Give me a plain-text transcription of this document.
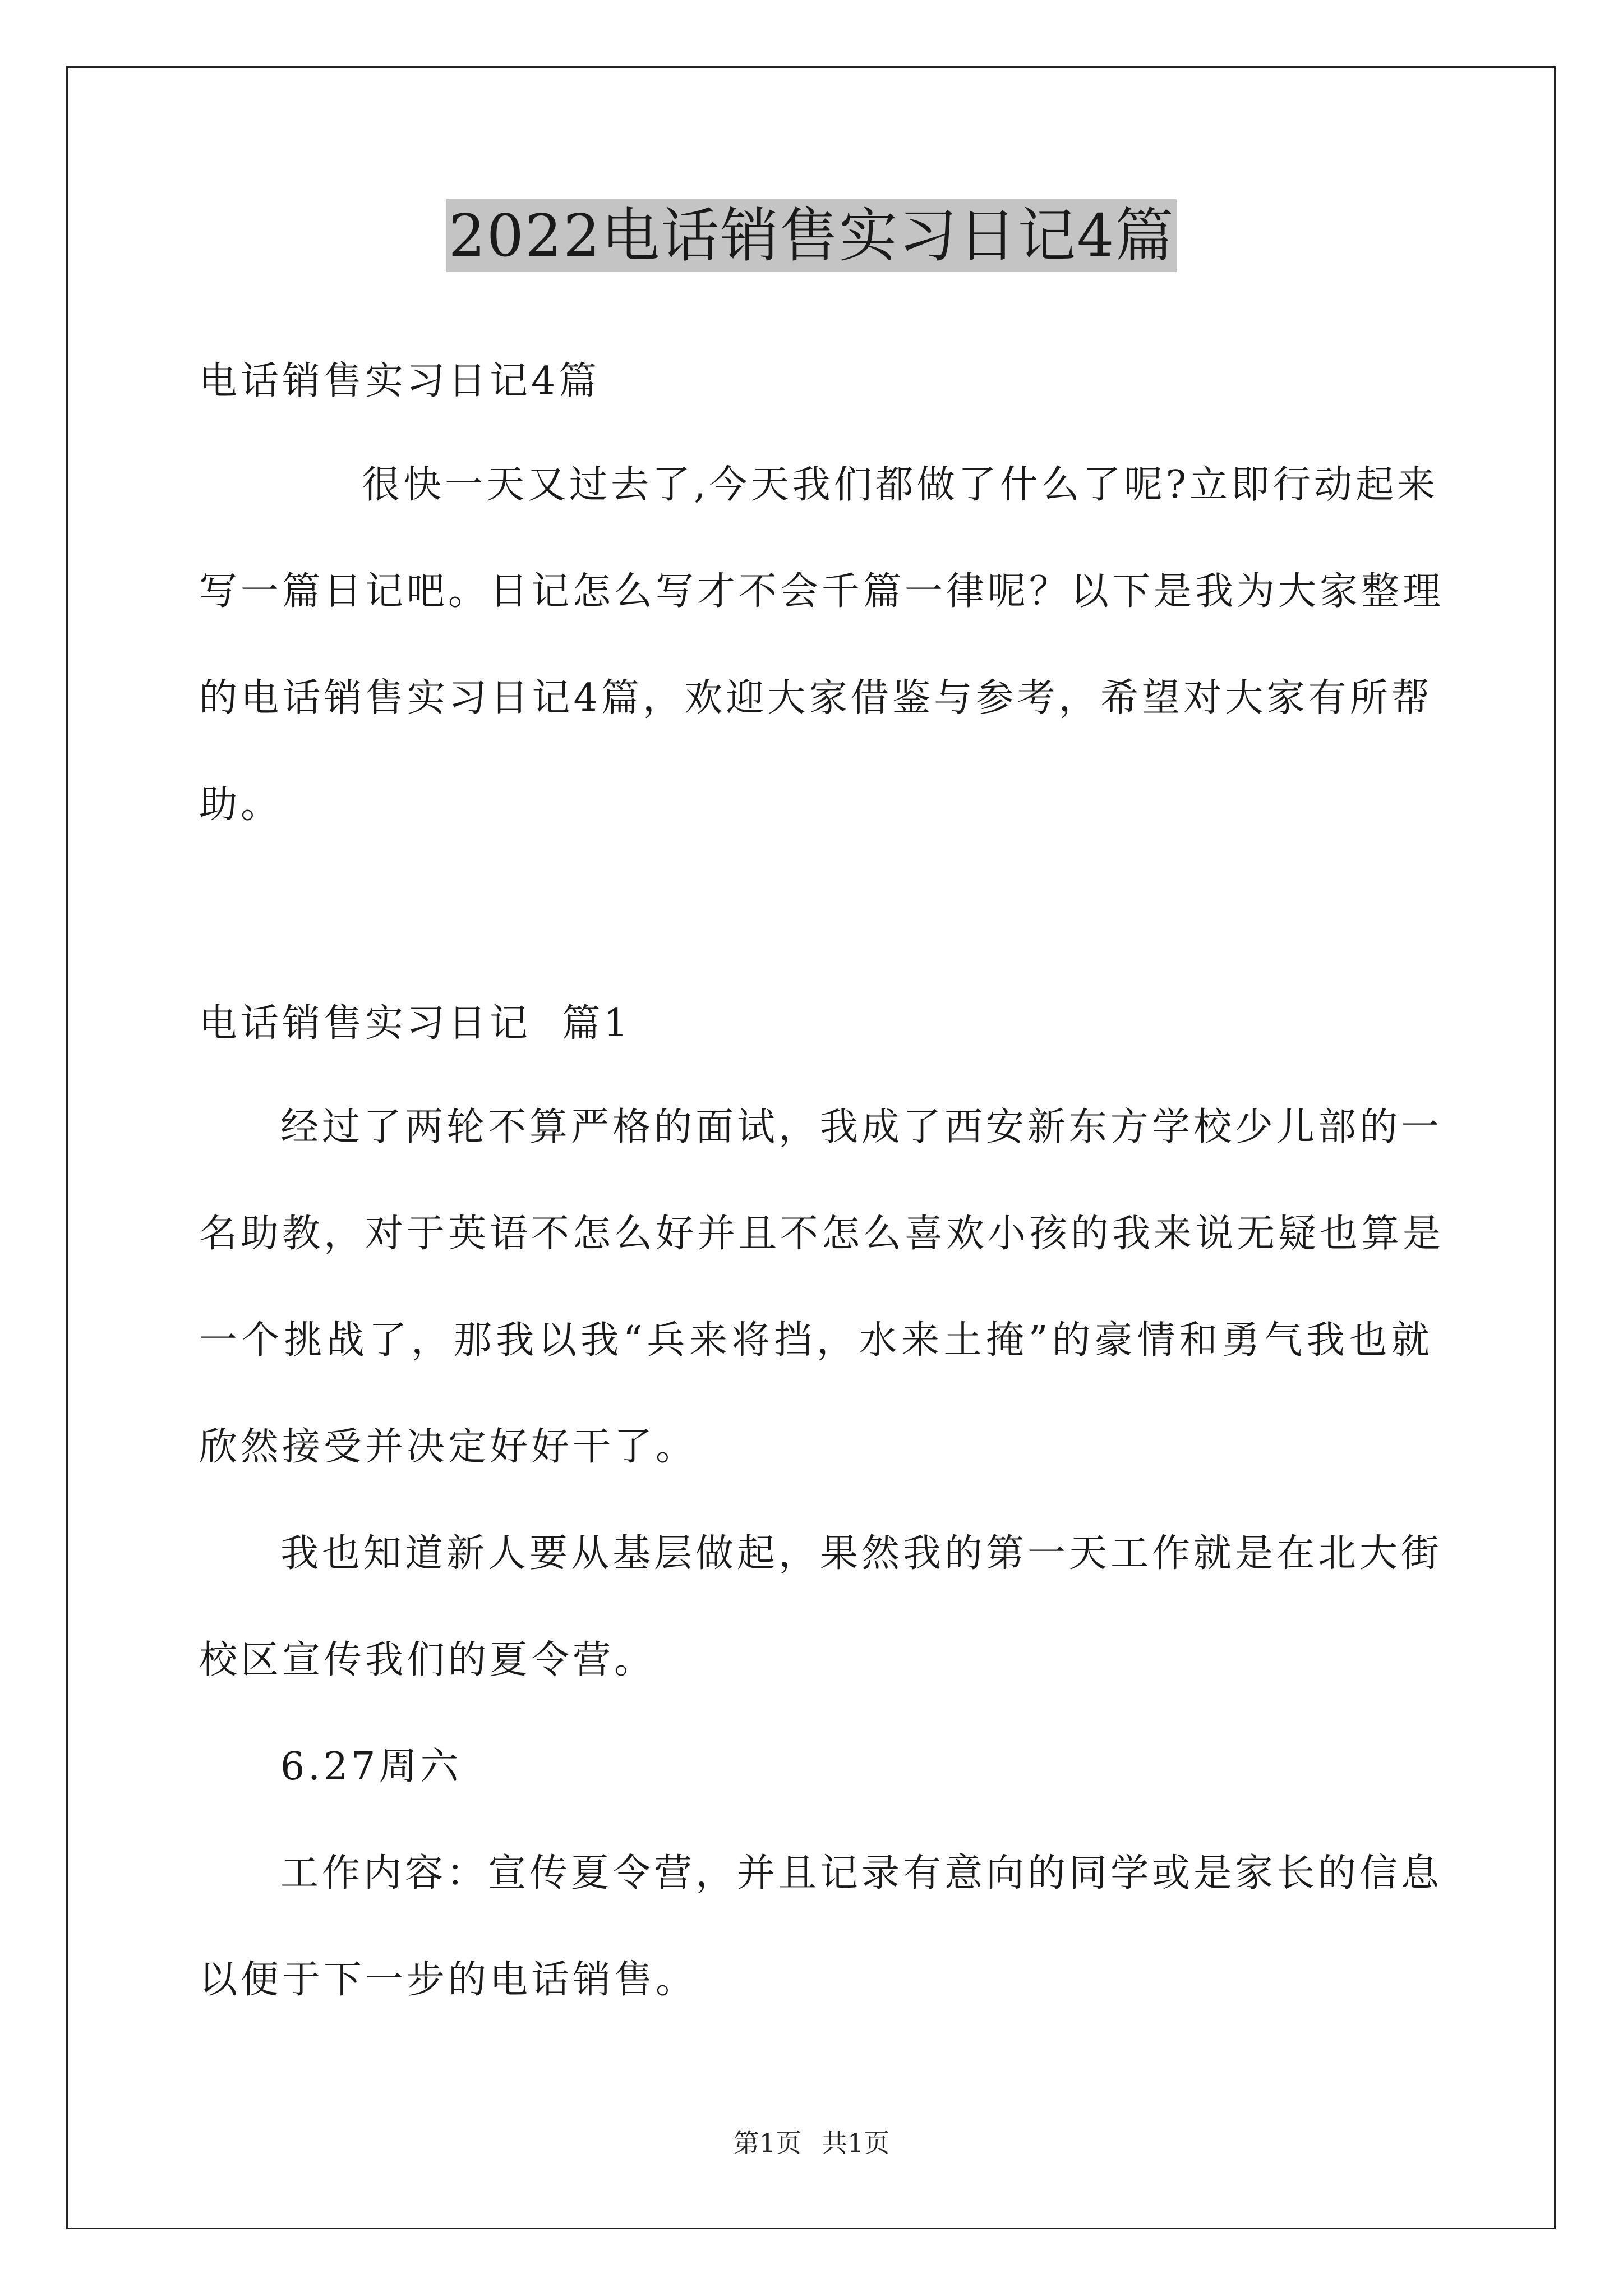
2022电话销售实习日记4篇
电话销售实习日记4篇
很快一天又过去了,今天我们都做了什么了呢?立即行动起来
写一篇日记吧。日记怎么写才不会千篇一律呢？以下是我为大家整理
的电话销售实习日记4篇，欢迎大家借鉴与参考，希望对大家有所帮
助。
电话销售实习日记  篇1
经过了两轮不算严格的面试，我成了西安新东方学校少儿部的一
名助教，对于英语不怎么好并且不怎么喜欢小孩的我来说无疑也算是
一个挑战了，那我以我“兵来将挡，水来土掩”的豪情和勇气我也就
欣然接受并决定好好干了。
我也知道新人要从基层做起，果然我的第一天工作就是在北大街
校区宣传我们的夏令营。
6.27周六
工作内容：宣传夏令营，并且记录有意向的同学或是家长的信息
以便于下一步的电话销售。
第1页 共1页
